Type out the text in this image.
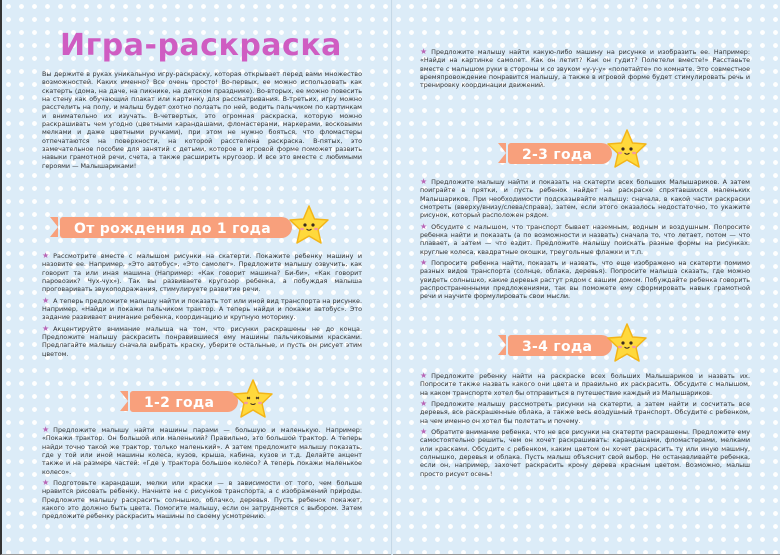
Игра-раскраска

Вы держите в руках уникальную игру-раскраску, которая открывает перед вами множество возможностей. Каких именно? Все очень просто! Во-первых, ее можно использовать как скатерть (дома, на даче, на пикнике, на детском празднике). Во-вторых, ее можно повесить на стену как обучающий плакат или картинку для рассматривания. В-третьих, игру можно расстелить на полу, и малыш будет охотно ползать по ней, водить пальчиком по картинкам и внимательно их изучать. В-четвертых, это огромная раскраска, которую можно раскрашивать чем угодно (цветными карандашами, фломастерами, маркерами, восковыми мелками и даже цветными ручками), при этом не нужно бояться, что фломастеры отпечатаются на поверхности, на которой расстелена раскраска. В-пятых, это замечательное пособие для занятий с детьми, которое в игровой форме поможет развить навыки грамотной речи, счета, а также расширить кругозор. И все это вместе с любимыми героями — Малышариками!

От рождения до 1 года

★ Рассмотрите вместе с малышом рисунки на скатерти. Покажите ребенку машину и назовите ее. Например, «Это автобус», «Это самолет». Предложите малышу озвучить, как говорит та или иная машина (Например: «Как говорит машина? Би-би», «Как говорит паровозик? Чух-чух»). Так вы развиваете кругозор ребенка, а побуждая малыша проговаривать звукоподражания, стимулируете развитие речи.

★ А теперь предложите малышу найти и показать тот или иной вид транспорта на рисунке. Например, «Найди и покажи пальчиком трактор. А теперь найди и покажи автобус». Это задание развивает внимание ребенка, координацию и крупную моторику.

★ Акцентируйте внимание малыша на том, что рисунки раскрашены не до конца. Предложите малышу раскрасить понравившиеся ему машины пальчиковыми красками. Предлагайте малышу сначала выбрать краску, уберите остальные, и пусть он рисует этим цветом.

1-2 года

★ Предложите малышу найти машины парами — большую и маленькую. Например: «Покажи трактор. Он большой или маленький? Правильно, это большой трактор. А теперь найди точно такой же трактор, только маленький». А затем предложите малышу показать, где у той или иной машины колеса, кузов, крыша, кабина, кузов и т.д. Делайте акцент также и на размере частей: «Где у трактора большое колесо? А теперь покажи маленькое колесо».

★ Подготовьте карандаши, мелки или краски — в зависимости от того, чем больше нравится рисовать ребенку. Начните не с рисунков транспорта, а с изображений природы. Предложите малышу раскрасить солнышко, облачко, деревья. Пусть ребенок покажет, какого это должно быть цвета. Помогите малышу, если он затрудняется с выбором. Затем предложите ребенку раскрасить машины по своему усмотрению.

★ Предложите малышу найти какую-либо машину на рисунке и изобразить ее. Например: «Найди на картинке самолет. Как он летит? Как он гудит? Полетели вместе!» Расставьте вместе с малышом руки в стороны и со звуком «у-у-у» «полетайте» по комнате. Это совместное времяпровождение понравится малышу, а также в игровой форме будет стимулировать речь и тренировку координации движений.

2-3 года

★ Предложите малышу найти и показать на скатерти всех больших Малышариков. А затем поиграйте в прятки, и пусть ребенок найдет на раскраске спрятавшихся маленьких Малышариков. При необходимости подсказывайте малышу: сначала, в какой части раскраски смотреть (вверху/внизу/слева/справа), затем, если этого оказалось недостаточно, то укажите рисунок, который расположен рядом.

★ Обсудите с малышом, что транспорт бывает наземным, водным и воздушным. Попросите ребенка найти и показать (а по возможности и назвать) сначала то, что летает, потом — что плавает, а затем — что ездит. Предложите малышу поискать разные формы на рисунках: круглые колеса, квадратные окошки, треугольные флажки и т.п.

★ Попросите ребенка найти, показать и назвать, что еще изображено на скатерти помимо разных видов транспорта (солнце, облака, деревья). Попросите малыша сказать, где можно увидеть солнышко, какие деревья растут рядом с вашим домом. Побуждайте ребенка говорить распространенными предложениями, так вы поможете ему сформировать навык грамотной речи и научите формулировать свои мысли.

3-4 года

★ Предложите ребенку найти на раскраске всех больших Малышариков и назвать их. Попросите также назвать какого они цвета и правильно их раскрасить. Обсудите с малышом, на каком транспорте хотел бы отправиться в путешествие каждый из Малышариков.

★ Предложите малышу рассмотреть рисунки на скатерти, а затем найти и сосчитать все деревья, все раскрашенные облака, а также весь воздушный транспорт. Обсудите с ребенком, на чем именно он хотел бы полетать и почему.

★ Обратите внимание ребенка, что не все рисунки на скатерти раскрашены. Предложите ему самостоятельно решить, чем он хочет раскрашивать: карандашами, фломастерами, мелками или красками. Обсудите с ребенком, каким цветом он хочет раскрасить ту или иную машину, солнышко, деревья и облака. Пусть малыш объяснит свой выбор. Не останавливайте ребенка, если он, например, захочет раскрасить крону дерева красным цветом. Возможно, малыш просто рисует осень!
